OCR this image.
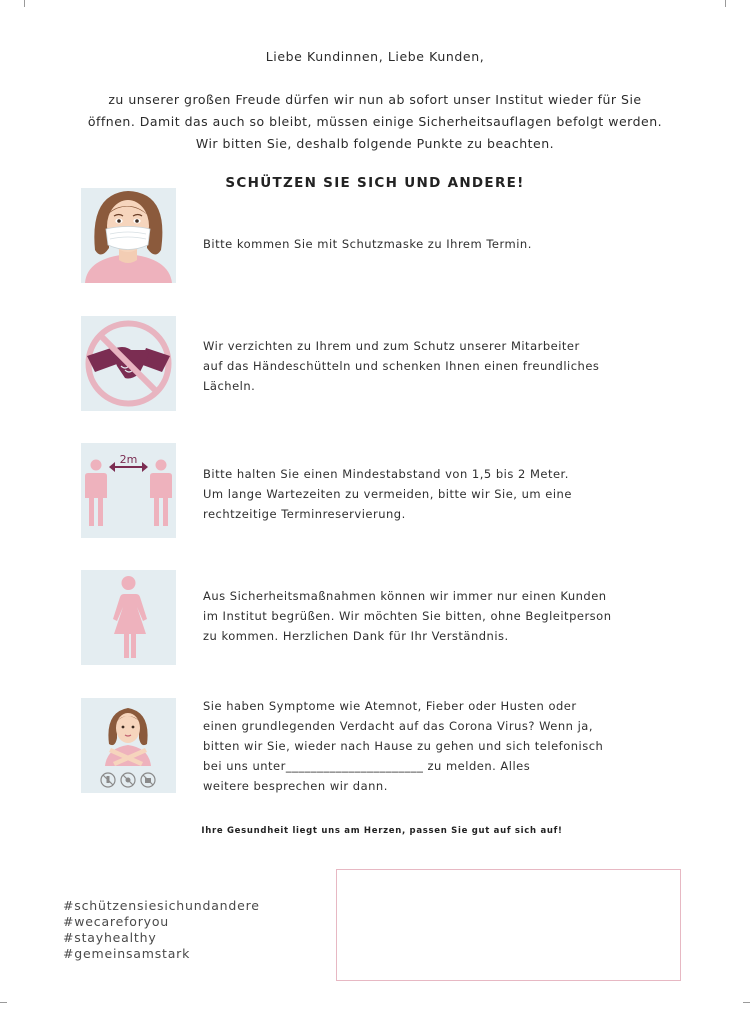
Liebe Kundinnen, Liebe Kunden,
zu unserer großen Freude dürfen wir nun ab sofort unser Institut wieder für Sie
öffnen. Damit das auch so bleibt, müssen einige Sicherheitsauflagen befolgt werden.
Wir bitten Sie, deshalb folgende Punkte zu beachten.
SCHÜTZEN SIE SICH UND ANDERE!
Bitte kommen Sie mit Schutzmaske zu Ihrem Termin.
Wir verzichten zu Ihrem und zum Schutz unserer Mitarbeiter
auf das Händeschütteln und schenken Ihnen einen freundliches
Lächeln.
2m
Bitte halten Sie einen Mindestabstand von 1,5 bis 2 Meter.
Um lange Wartezeiten zu vermeiden, bitte wir Sie, um eine
rechtzeitige Terminreservierung.
Aus Sicherheitsmaßnahmen können wir immer nur einen Kunden
im Institut begrüßen. Wir möchten Sie bitten, ohne Begleitperson
zu kommen. Herzlichen Dank für Ihr Verständnis.
Sie haben Symptome wie Atemnot, Fieber oder Husten oder
einen grundlegenden Verdacht auf das Corona Virus? Wenn ja,
bitten wir Sie, wieder nach Hause zu gehen und sich telefonisch
bei uns unter______________________ zu melden. Alles
weitere besprechen wir dann.
Ihre Gesundheit liegt uns am Herzen, passen Sie gut auf sich auf!
#schützensiesichundandere
#wecareforyou
#stayhealthy
#gemeinsamstark
